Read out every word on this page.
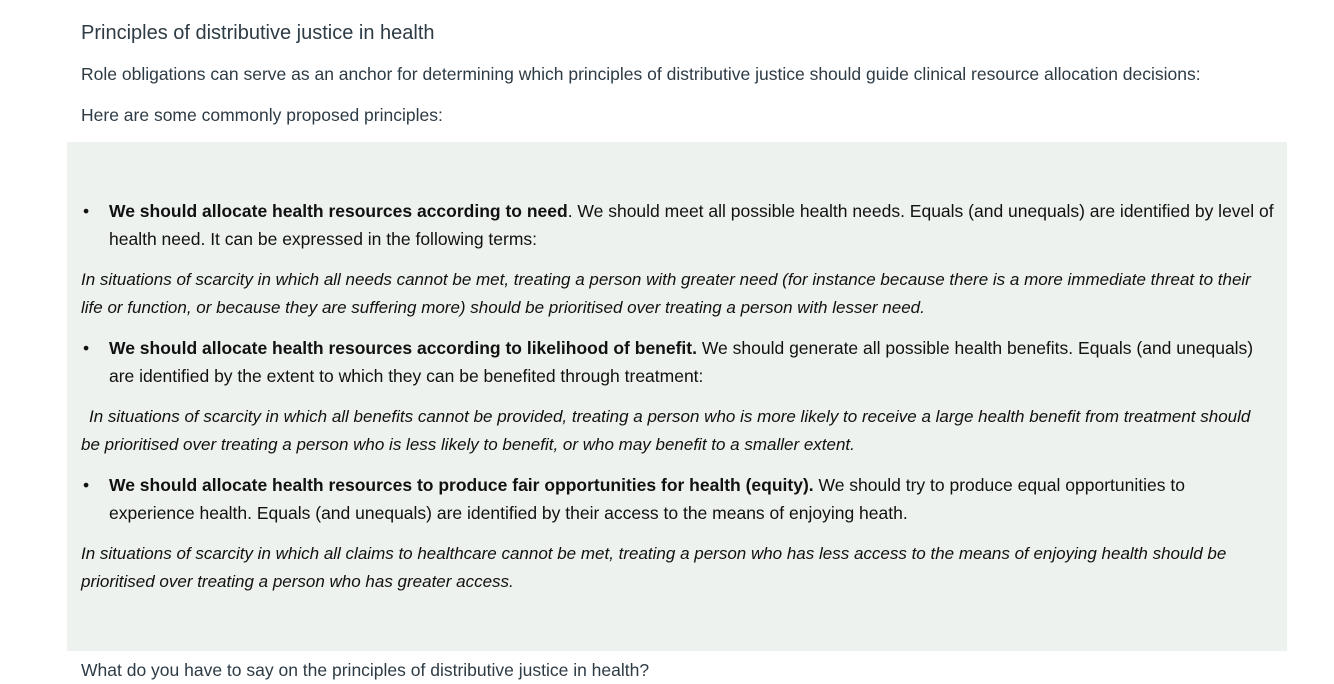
Principles of distributive justice in health

Role obligations can serve as an anchor for determining which principles of distributive justice should guide clinical resource allocation decisions:

Here are some commonly proposed principles:

• We should allocate health resources according to need. We should meet all possible health needs. Equals (and unequals) are identified by level of health need. It can be expressed in the following terms:
In situations of scarcity in which all needs cannot be met, treating a person with greater need (for instance because there is a more immediate threat to their life or function, or because they are suffering more) should be prioritised over treating a person with lesser need.
• We should allocate health resources according to likelihood of benefit. We should generate all possible health benefits. Equals (and unequals) are identified by the extent to which they can be benefited through treatment:
In situations of scarcity in which all benefits cannot be provided, treating a person who is more likely to receive a large health benefit from treatment should be prioritised over treating a person who is less likely to benefit, or who may benefit to a smaller extent.
• We should allocate health resources to produce fair opportunities for health (equity). We should try to produce equal opportunities to experience health. Equals (and unequals) are identified by their access to the means of enjoying heath.
In situations of scarcity in which all claims to healthcare cannot be met, treating a person who has less access to the means of enjoying health should be prioritised over treating a person who has greater access.
What do you have to say on the principles of distributive justice in health?
